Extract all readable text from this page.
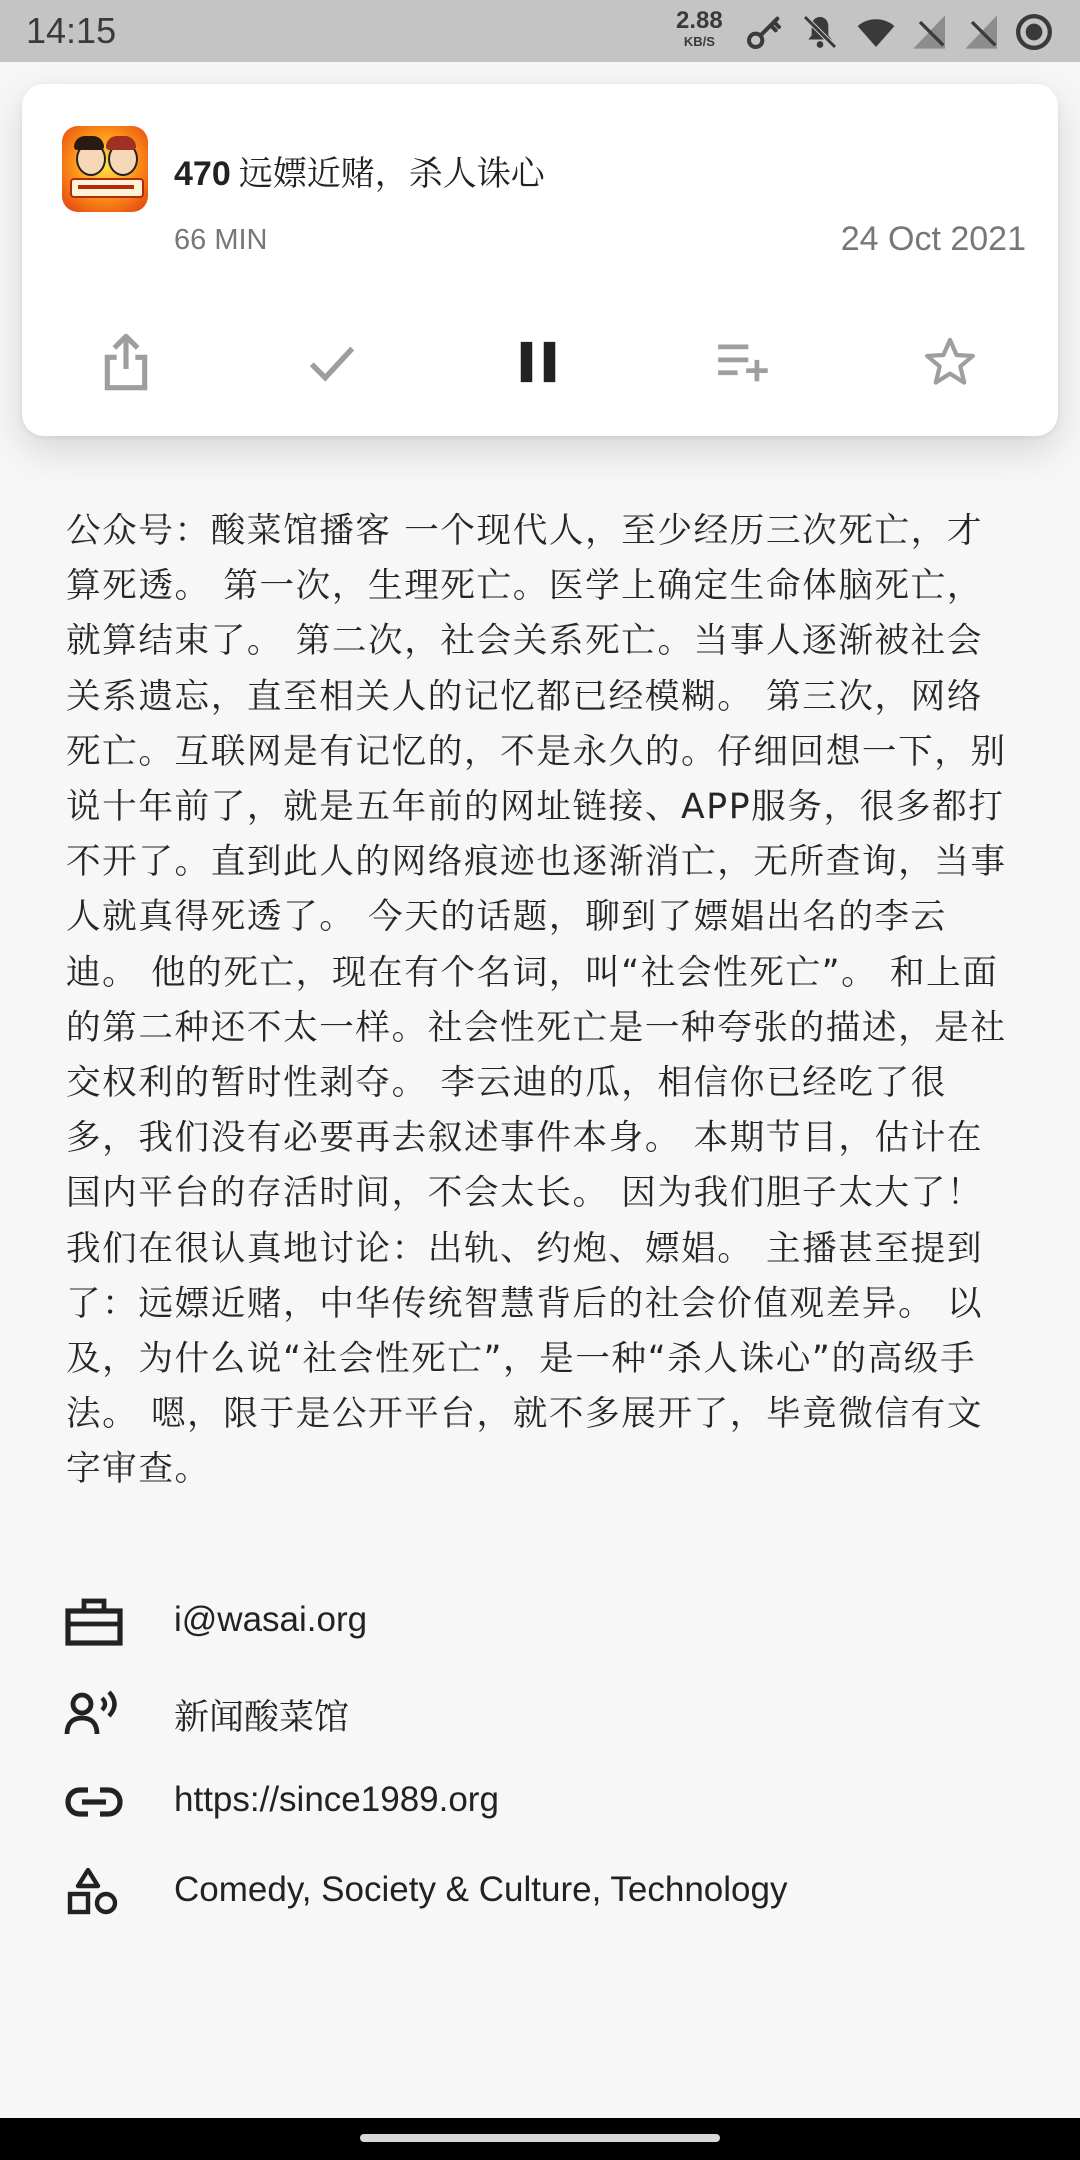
14:15	2.88
KB/S
470 远嫖近赌，杀人诛心
66 MIN	24 Oct 2021

公众号：酸菜馆播客 一个现代人，至少经历三次死亡，才算死透。 第一次，生理死亡。医学上确定生命体脑死亡，就算结束了。 第二次，社会关系死亡。当事人逐渐被社会关系遗忘，直至相关人的记忆都已经模糊。 第三次，网络死亡。互联网是有记忆的，不是永久的。仔细回想一下，别说十年前了，就是五年前的网址链接、APP服务，很多都打不开了。直到此人的网络痕迹也逐渐消亡，无所查询，当事人就真得死透了。 今天的话题，聊到了嫖娼出名的李云迪。 他的死亡，现在有个名词，叫“社会性死亡”。 和上面的第二种还不太一样。社会性死亡是一种夸张的描述，是社交权利的暂时性剥夺。 李云迪的瓜，相信你已经吃了很多，我们没有必要再去叙述事件本身。 本期节目，估计在国内平台的存活时间，不会太长。 因为我们胆子太大了！ 我们在很认真地讨论：出轨、约炮、嫖娼。 主播甚至提到了：远嫖近赌，中华传统智慧背后的社会价值观差异。 以及，为什么说“社会性死亡”，是一种“杀人诛心”的高级手法。 嗯，限于是公开平台，就不多展开了，毕竟微信有文字审查。

i@wasai.org
新闻酸菜馆
https://since1989.org
Comedy, Society & Culture, Technology
